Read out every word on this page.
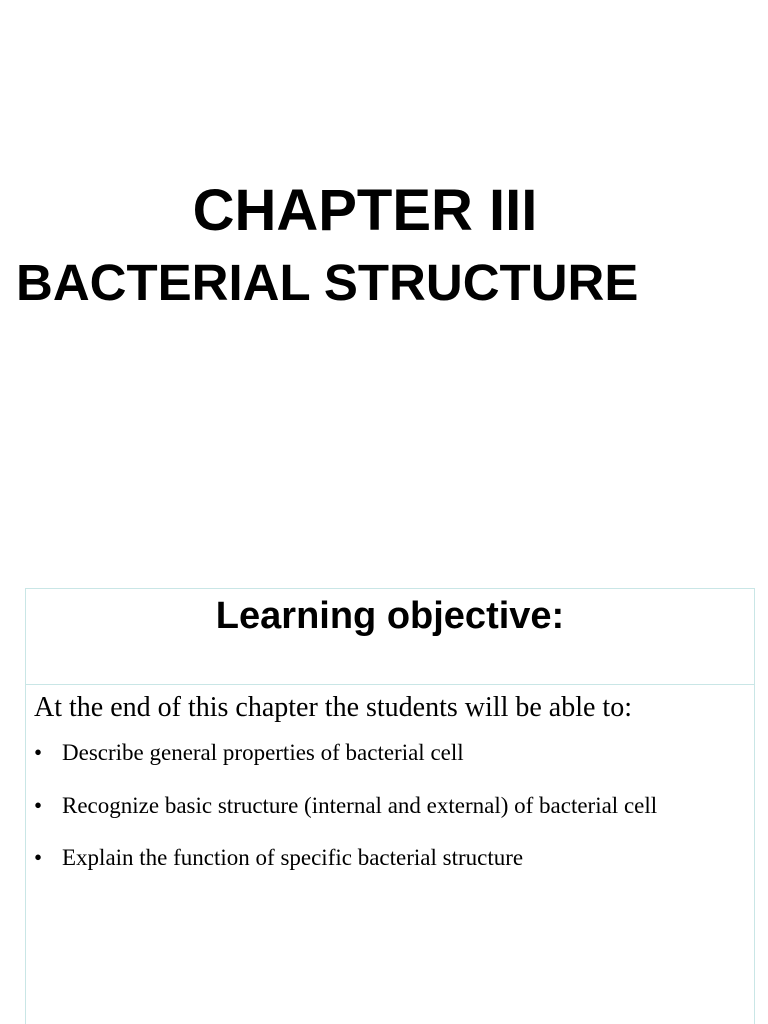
CHAPTER III
BACTERIAL STRUCTURE
Learning objective:

At the end of this chapter the students will be able to:

• Describe general properties of bacterial cell
• Recognize basic structure (internal and external) of bacterial cell
• Explain the function of specific bacterial structure
